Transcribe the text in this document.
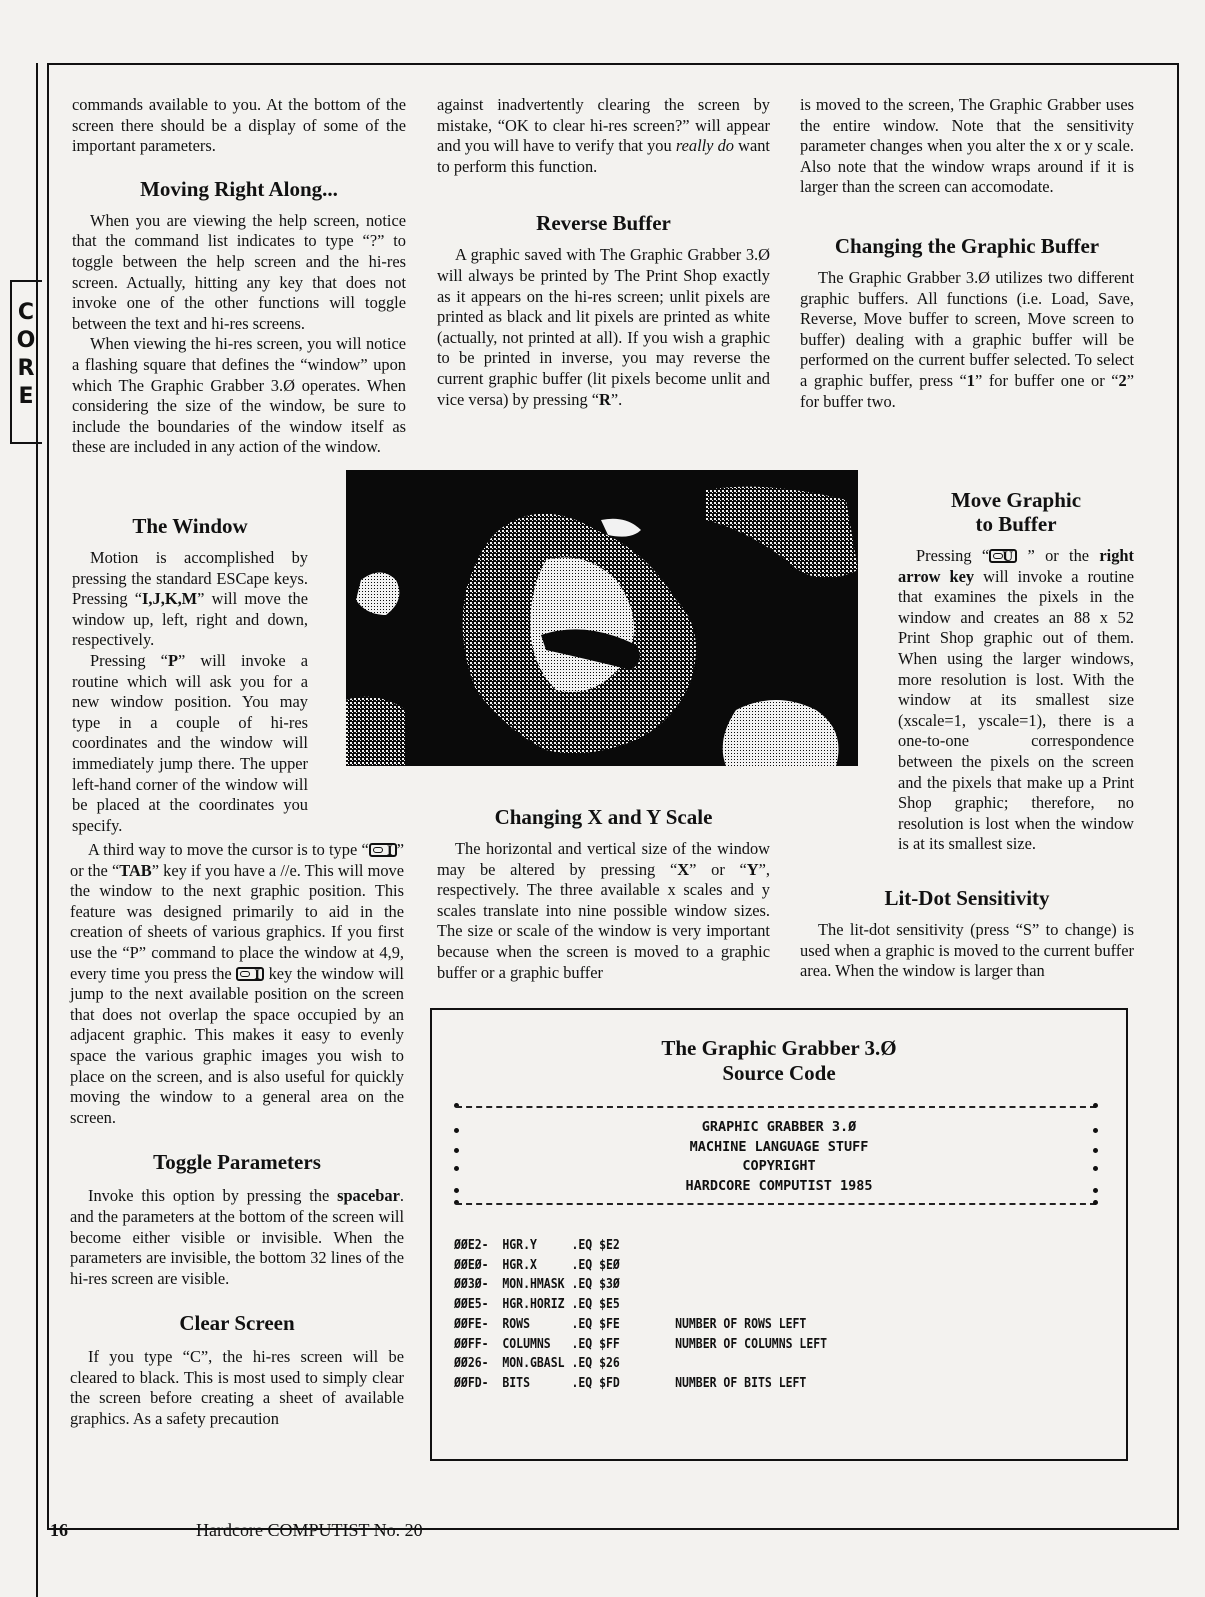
C
O
R
E

commands available to you. At the bottom of the screen there should be a display of some of the important parameters.

Moving Right Along...

When you are viewing the help screen, notice that the command list indicates to type “?” to toggle between the help screen and the hi-res screen. Actually, hitting any key that does not invoke one of the other functions will toggle between the text and hi-res screens.

When viewing the hi-res screen, you will notice a flashing square that defines the “window” upon which The Graphic Grabber 3.Ø operates. When considering the size of the window, be sure to include the boundaries of the window itself as these are included in any action of the window.

The Window

Motion is accomplished by pressing the standard ESCape keys. Pressing “I,J,K,M” will move the window up, left, right and down, respectively.

Pressing “P” will invoke a routine which will ask you for a new window position. You may type in a couple of hi-res coordinates and the window will immediately jump there. The upper left-hand corner of the window will be placed at the coordinates you specify.

A third way to move the cursor is to type “	I ” or the “TAB” key if you have a //e. This will move the window to the next graphic position. This feature was designed primarily to aid in the creation of sheets of various graphics. If you first use the “P” command to place the window at 4,9, every time you press the	I key the window will jump to the next available position on the screen that does not overlap the space occupied by an adjacent graphic. This makes it easy to evenly space the various graphic images you wish to place on the screen, and is also useful for quickly moving the window to a general area on the screen.

Toggle Parameters

Invoke this option by pressing the spacebar. and the parameters at the bottom of the screen will become either visible or invisible. When the parameters are invisible, the bottom 32 lines of the hi-res screen are visible.

Clear Screen

If you type “C”, the hi-res screen will be cleared to black. This is most used to simply clear the screen before creating a sheet of available graphics. As a safety precaution

against inadvertently clearing the screen by mistake, “OK to clear hi-res screen?” will appear and you will have to verify that you really do want to perform this function.

Reverse Buffer

A graphic saved with The Graphic Grabber 3.Ø will always be printed by The Print Shop exactly as it appears on the hi-res screen; unlit pixels are printed as black and lit pixels are printed as white (actually, not printed at all). If you wish a graphic to be printed in inverse, you may reverse the current graphic buffer (lit pixels become unlit and vice versa) by pressing “R”.

Changing X and Y Scale

The horizontal and vertical size of the window may be altered by pressing “X” or “Y”, respectively. The three available x scales and y scales translate into nine possible window sizes. The size or scale of the window is very important because when the screen is moved to a graphic buffer or a graphic buffer

is moved to the screen, The Graphic Grabber uses the entire window. Note that the sensitivity parameter changes when you alter the x or y scale. Also note that the window wraps around if it is larger than the screen can accomodate.

Changing the Graphic Buffer

The Graphic Grabber 3.Ø utilizes two different graphic buffers. All functions (i.e. Load, Save, Reverse, Move buffer to screen, Move screen to buffer) dealing with a graphic buffer will be performed on the current buffer selected. To select a graphic buffer, press “1” for buffer one or “2” for buffer two.

Move Graphic
to Buffer

Pressing “ U ” or the right arrow key will invoke a routine that examines the pixels in the window and creates an 88 x 52 Print Shop graphic out of them. When using the larger windows, more resolution is lost. With the window at its smallest size (xscale=1, yscale=1), there is a one-to-one correspondence between the pixels on the screen and the pixels that make up a Print Shop graphic; therefore, no resolution is lost when the window is at its smallest size.

Lit-Dot Sensitivity

The lit-dot sensitivity (press “S” to change) is used when a graphic is moved to the current buffer area. When the window is larger than

The Graphic Grabber 3.Ø
Source Code
GRAPHIC GRABBER 3.Ø
MACHINE LANGUAGE STUFF
COPYRIGHT
HARDCORE COMPUTIST 1985
ØØE2-  HGR.Y     .EQ $E2
ØØEØ-  HGR.X     .EQ $EØ
ØØ3Ø-  MON.HMASK .EQ $3Ø
ØØE5-  HGR.HORIZ .EQ $E5
ØØFE-  ROWS      .EQ $FE        NUMBER OF ROWS LEFT
ØØFF-  COLUMNS   .EQ $FF        NUMBER OF COLUMNS LEFT
ØØ26-  MON.GBASL .EQ $26
ØØFD-  BITS      .EQ $FD        NUMBER OF BITS LEFT
16	Hardcore COMPUTIST No. 20
